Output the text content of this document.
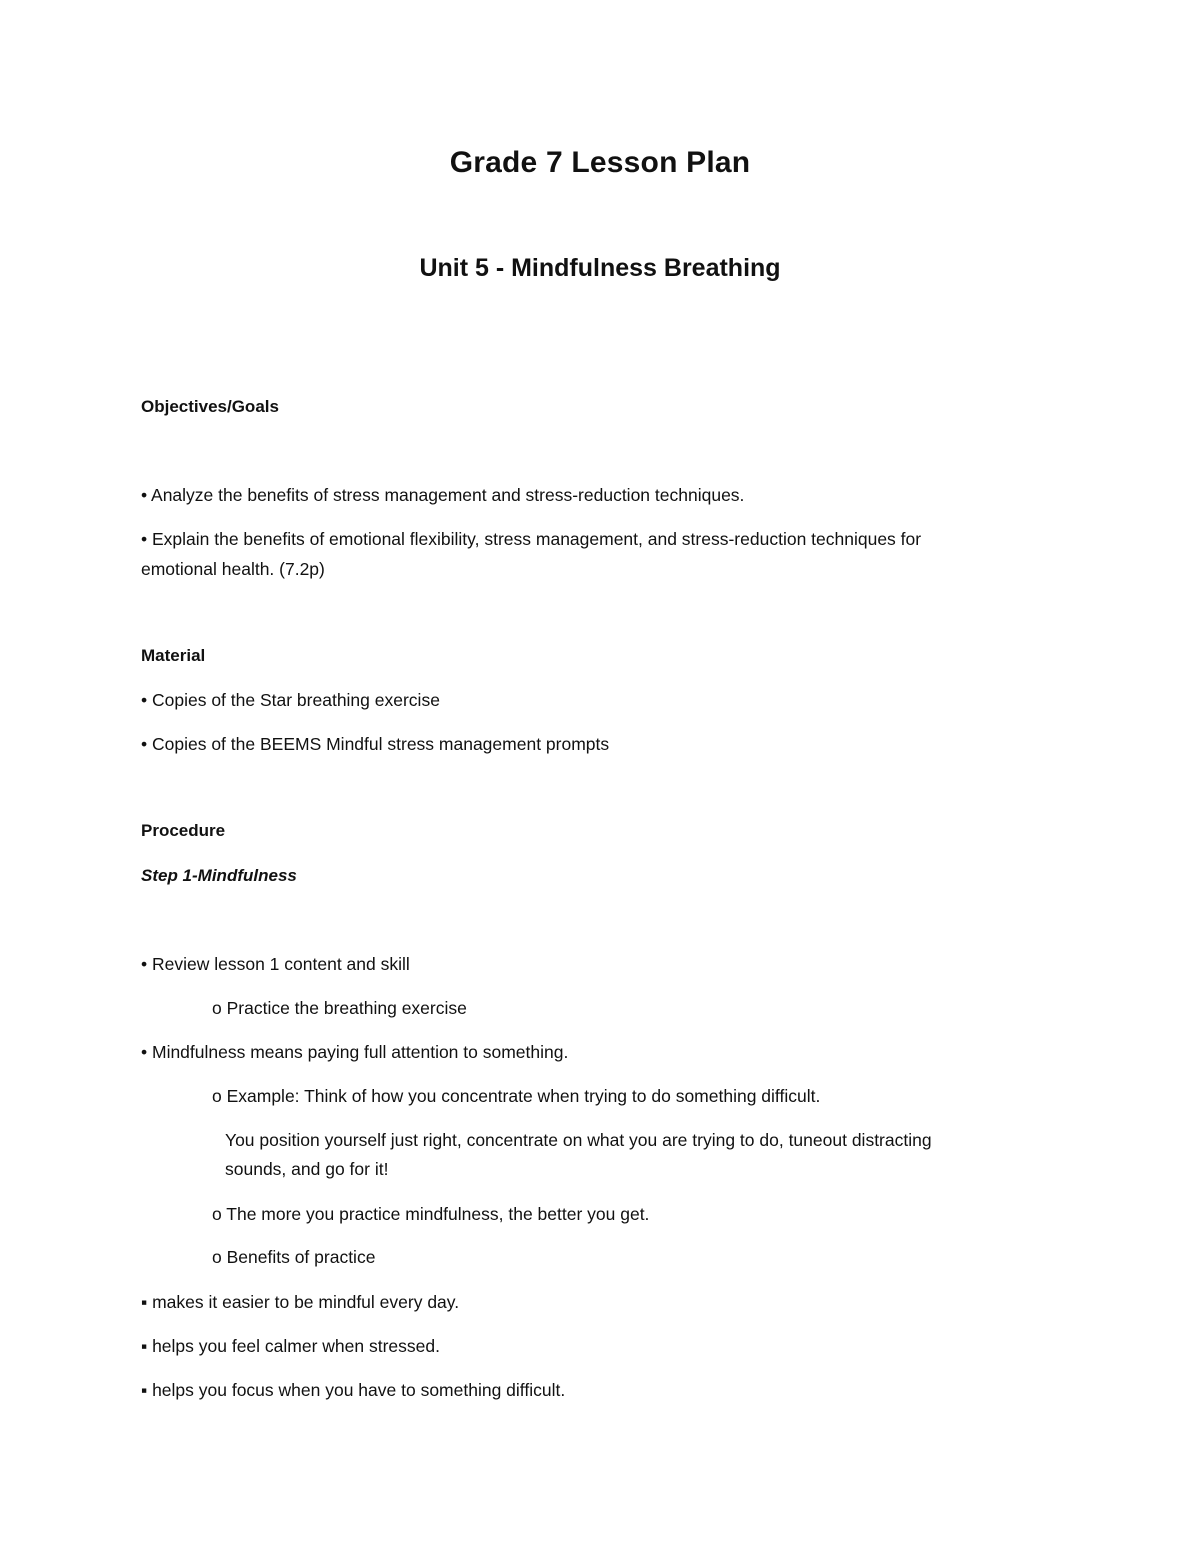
Grade 7 Lesson Plan
Unit 5 - Mindfulness Breathing
Objectives/Goals
• Analyze the benefits of stress management and stress-reduction techniques.
• Explain the benefits of emotional flexibility, stress management, and stress-reduction techniques for
emotional health. (7.2p)
Material
• Copies of the Star breathing exercise
• Copies of the BEEMS Mindful stress management prompts
Procedure
Step 1-Mindfulness
• Review lesson 1 content and skill
o Practice the breathing exercise
• Mindfulness means paying full attention to something.
o Example: Think of how you concentrate when trying to do something difficult.
You position yourself just right, concentrate on what you are trying to do, tuneout distracting
sounds, and go for it!
o The more you practice mindfulness, the better you get.
o Benefits of practice
▪ makes it easier to be mindful every day.
▪ helps you feel calmer when stressed.
▪ helps you focus when you have to something difficult.
